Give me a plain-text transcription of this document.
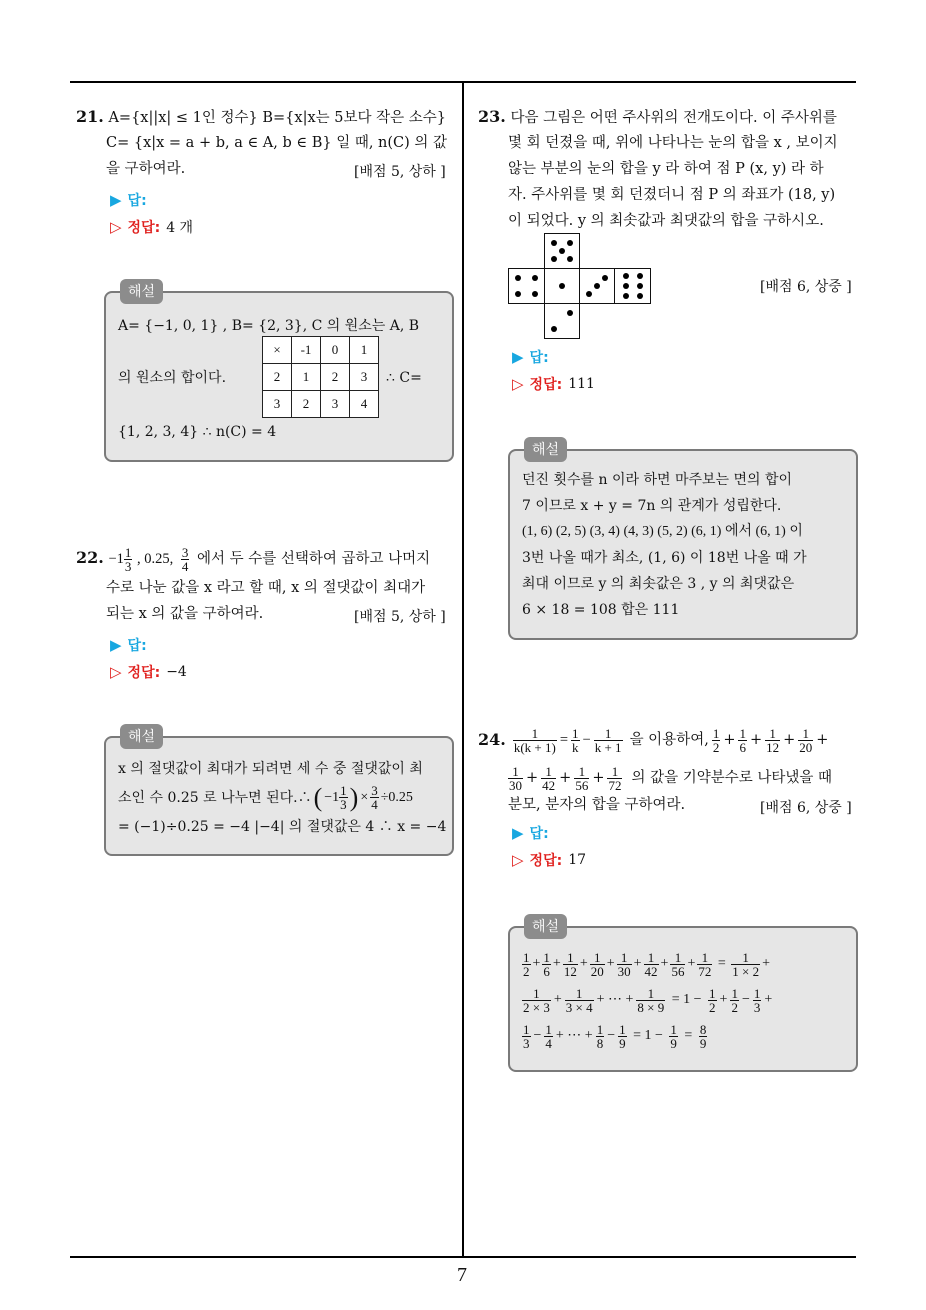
7
21. A={x||x| ≤ 1인 정수} B={x|x는 5보다 작은 소수}
C= {x|x = a + b, a ∈ A, b ∈ B} 일 때, n(C) 의 값
을 구하여라.	[배점 5, 상하 ]
▶ 답:
▷ 정답: 4 개
A= {−1, 0, 1} , B= {2, 3}, C 의 원소는 A, B
의 원소의 합이다.
×	-1	0	1
2	1	2	3
3	2	3	4
∴ C=
{1, 2, 3, 4} ∴ n(C) = 4
해설
22. $-1 \frac{1}{3}$ , 0.25, $\frac{3}{4}$ 에서 두 수를 선택하여 곱하고 나머지
수로 나눈 값을 x 라고 할 때, x 의 절댓값이 최대가
되는 x 의 값을 구하여라.	[배점 5, 상하 ]
▶ 답:
▷ 정답: −4
x 의 절댓값이 최대가 되려면 세 수 중 절댓값이 최
소인 수 0.25 로 나누면 된다.∴ ( $-1 \frac{1}{3}$ ) × $\frac{3}{4} \div 0.25$
= (−1)÷0.25 = −4 |−4| 의 절댓값은 4 ∴ x = −4
해설
23. 다음 그림은 어떤 주사위의 전개도이다. 이 주사위를
몇 회 던졌을 때, 위에 나타나는 눈의 합을 x , 보이지
않는 부분의 눈의 합을 y 라 하여 점 P (x, y) 라 하
자. 주사위를 몇 회 던졌더니 점 P 의 좌표가 (18, y)
이 되었다. y 의 최솟값과 최댓값의 합을 구하시오.
[배점 6, 상중 ]
▶ 답:
▷ 정답: 111
던진 횟수를 n 이라 하면 마주보는 면의 합이
7 이므로 x + y = 7n 의 관계가 성립한다.
(1, 6) (2, 5) (3, 4) (4, 3) (5, 2) (6, 1) 에서 (6, 1) 이
3번 나올 때가 최소, (1, 6) 이 18번 나올 때 가
최대 이므로 y 의 최솟값은 3 , y 의 최댓값은
6 × 18 = 108 합은 111
해설
24. $\frac{1}{k(k + 1)} = \frac{1}{k} - \frac{1}{k + 1}$ 을 이용하여, $\frac{1}{2} + \frac{1}{6} + \frac{1}{12} + \frac{1}{20}$ +
$\frac{1}{30} + \frac{1}{42} + \frac{1}{56} + \frac{1}{72}$ 의 값을 기약분수로 나타냈을 때
분모, 분자의 합을 구하여라.	[배점 6, 상중 ]
▶ 답:
▷ 정답: 17
$\frac{1}{2} + \frac{1}{6} + \frac{1}{12} + \frac{1}{20} + \frac{1}{30} + \frac{1}{42} + \frac{1}{56} + \frac{1}{72} = \frac{1}{1 \times 2}$ +
$\frac{1}{2 \times 3} + \frac{1}{3 \times 4}$ + ⋯ + $\frac{1}{8 \times 9} = 1 - \frac{1}{2} + \frac{1}{2} - \frac{1}{3}$ +
$\frac{1}{3} - \frac{1}{4}$ + ⋯ + $\frac{1}{8} - \frac{1}{9} = 1 - \frac{1}{9} = \frac{8}{9}$
해설
